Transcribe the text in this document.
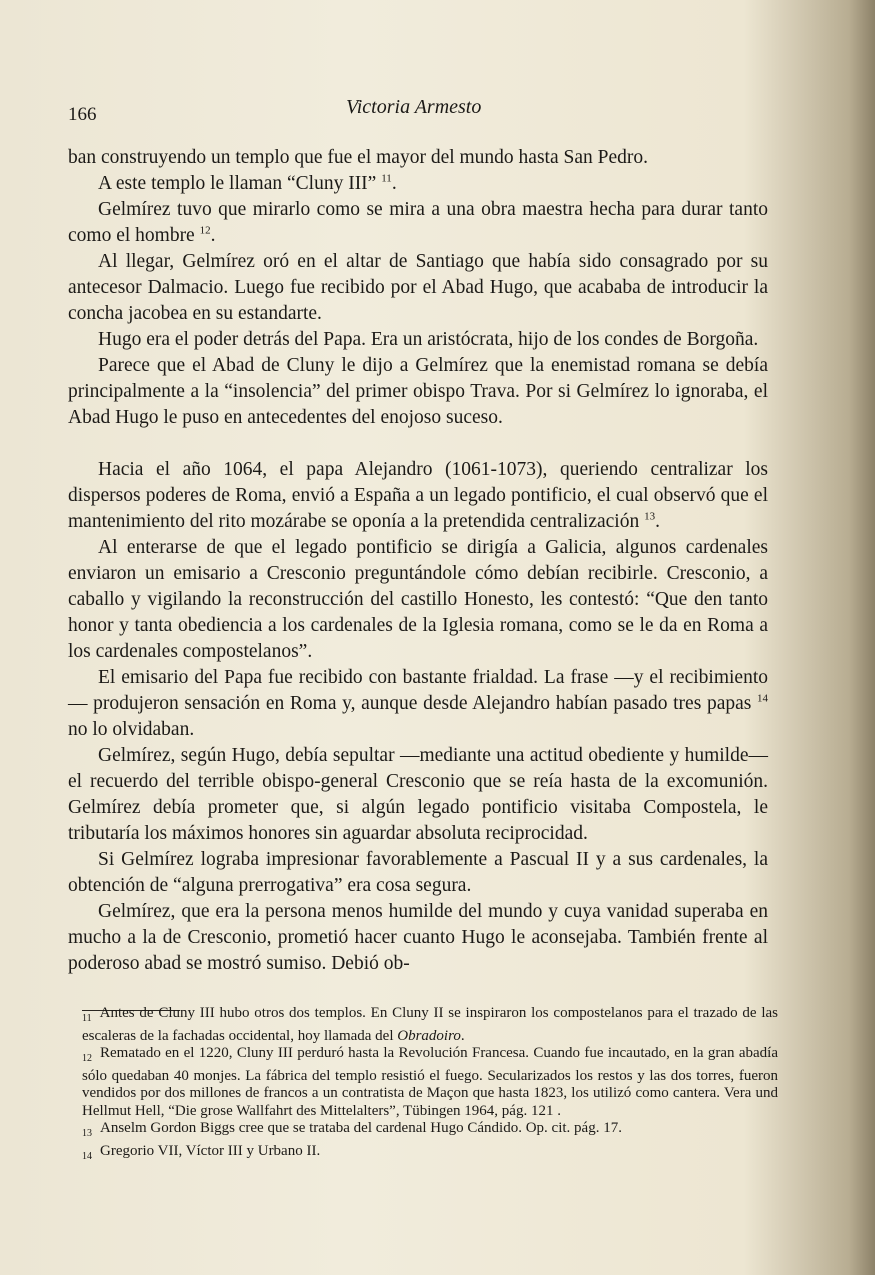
166	Victoria Armesto

ban construyendo un templo que fue el mayor del mundo hasta San Pedro.

A este templo le llaman “Cluny III” $^{11}$.

Gelmírez tuvo que mirarlo como se mira a una obra maestra hecha para durar tanto como el hombre $^{12}$.

Al llegar, Gelmírez oró en el altar de Santiago que había sido consagrado por su antecesor Dalmacio. Luego fue recibido por el Abad Hugo, que acababa de introducir la concha jacobea en su estandarte.

Hugo era el poder detrás del Papa. Era un aristócrata, hijo de los condes de Borgoña.

Parece que el Abad de Cluny le dijo a Gelmírez que la enemistad romana se debía principalmente a la “insolencia” del primer obispo Trava. Por si Gelmírez lo ignoraba, el Abad Hugo le puso en antecedentes del enojoso suceso.

Hacia el año 1064, el papa Alejandro (1061-1073), queriendo centralizar los dispersos poderes de Roma, envió a España a un legado pontificio, el cual observó que el mantenimiento del rito mozárabe se oponía a la pretendida centralización $^{13}$.

Al enterarse de que el legado pontificio se dirigía a Galicia, algunos cardenales enviaron un emisario a Cresconio preguntándole cómo debían recibirle. Cresconio, a caballo y vigilando la reconstrucción del castillo Honesto, les contestó: “Que den tanto honor y tanta obediencia a los cardenales de la Iglesia romana, como se le da en Roma a los cardenales compostelanos”.

El emisario del Papa fue recibido con bastante frialdad. La frase —y el recibimiento— produjeron sensación en Roma y, aunque desde Alejandro habían pasado tres papas $^{14}$ no lo olvidaban.

Gelmírez, según Hugo, debía sepultar —mediante una actitud obediente y humilde— el recuerdo del terrible obispo-general Cresconio que se reía hasta de la excomunión. Gelmírez debía prometer que, si algún legado pontificio visitaba Compostela, le tributaría los máximos honores sin aguardar absoluta reciprocidad.

Si Gelmírez lograba impresionar favorablemente a Pascual II y a sus cardenales, la obtención de “alguna prerrogativa” era cosa segura.

Gelmírez, que era la persona menos humilde del mundo y cuya vanidad superaba en mucho a la de Cresconio, prometió hacer cuanto Hugo le aconsejaba. También frente al poderoso abad se mostró sumiso. Debió ob-

$_{11}$ Antes de Cluny III hubo otros dos templos. En Cluny II se inspiraron los compostelanos para el trazado de las escaleras de la fachadas occidental, hoy llamada del Obradoiro.

$_{12}$ Rematado en el 1220, Cluny III perduró hasta la Revolución Francesa. Cuando fue incautado, en la gran abadía sólo quedaban 40 monjes. La fábrica del templo resistió el fuego. Secularizados los restos y las dos torres, fueron vendidos por dos millones de francos a un contratista de Maçon que hasta 1823, los utilizó como cantera. Vera und Hellmut Hell, “Die grose Wallfahrt des Mittelalters”, Tübingen 1964, pág. 121 .

$_{13}$ Anselm Gordon Biggs cree que se trataba del cardenal Hugo Cándido. Op. cit. pág. 17.

$_{14}$ Gregorio VII, Víctor III y Urbano II.
